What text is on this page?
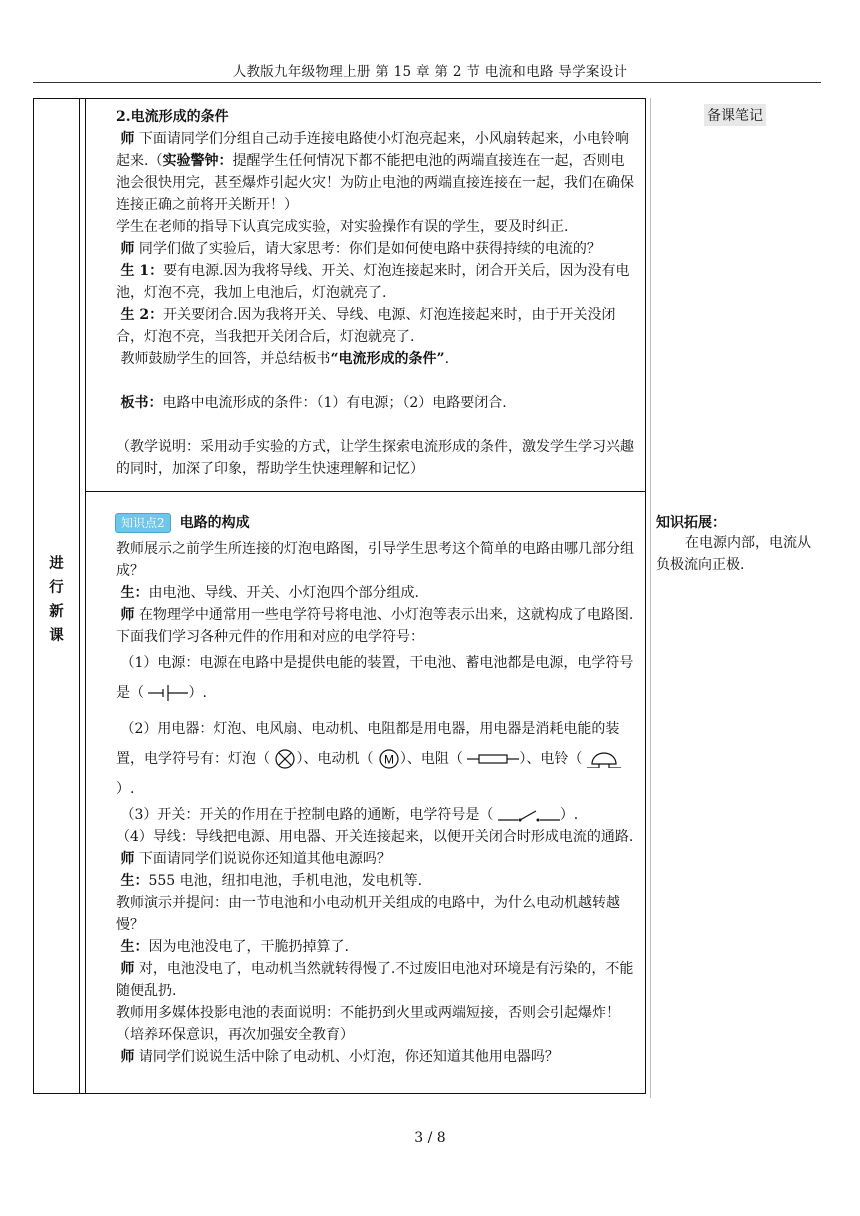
人教版九年级物理上册 第 15 章 第 2 节 电流和电路 导学案设计
进
行
新
课
备课笔记
知识拓展：
在电源内部，电流从负极流向正极.

2.电流形成的条件

师 下面请同学们分组自己动手连接电路使小灯泡亮起来，小风扇转起来，小电铃响起来.（实验警钟：提醒学生任何情况下都不能把电池的两端直接连在一起，否则电池会很快用完，甚至爆炸引起火灾！为防止电池的两端直接连接在一起，我们在确保连接正确之前将开关断开！）

学生在老师的指导下认真完成实验，对实验操作有误的学生，要及时纠正.

师 同学们做了实验后，请大家思考：你们是如何使电路中获得持续的电流的？

生 1：要有电源.因为我将导线、开关、灯泡连接起来时，闭合开关后，因为没有电池，灯泡不亮，我加上电池后，灯泡就亮了.

生 2：开关要闭合.因为我将开关、导线、电源、灯泡连接起来时，由于开关没闭合，灯泡不亮，当我把开关闭合后，灯泡就亮了.

教师鼓励学生的回答，并总结板书“电流形成的条件”.

板书：电路中电流形成的条件：（1）有电源；（2）电路要闭合.

（教学说明：采用动手实验的方式，让学生探索电流形成的条件，激发学生学习兴趣的同时，加深了印象，帮助学生快速理解和记忆）

知识点2 电路的构成

教师展示之前学生所连接的灯泡电路图，引导学生思考这个简单的电路由哪几部分组成？

生：由电池、导线、开关、小灯泡四个部分组成.

师 在物理学中通常用一些电学符号将电池、小灯泡等表示出来，这就构成了电路图.下面我们学习各种元件的作用和对应的电学符号：

（1）电源：电源在电路中是提供电能的装置，干电池、蓄电池都是电源，电学符号是（	）.

（2）用电器：灯泡、电风扇、电动机、电阻都是用电器，用电器是消耗电能的装置，电学符号有：灯泡（ ）、电动机（ M ）、电阻（	）、电铃（ ）.

（3）开关：开关的作用在于控制电路的通断，电学符号是（	）.

（4）导线：导线把电源、用电器、开关连接起来，以便开关闭合时形成电流的通路.

师 下面请同学们说说你还知道其他电源吗？

生：555 电池，纽扣电池，手机电池，发电机等.

教师演示并提问：由一节电池和小电动机开关组成的电路中，为什么电动机越转越慢？

生：因为电池没电了，干脆扔掉算了.

师 对，电池没电了，电动机当然就转得慢了.不过废旧电池对环境是有污染的，不能随便乱扔.

教师用多媒体投影电池的表面说明：不能扔到火里或两端短接，否则会引起爆炸！（培养环保意识，再次加强安全教育）

师 请同学们说说生活中除了电动机、小灯泡，你还知道其他用电器吗？

3 / 8
